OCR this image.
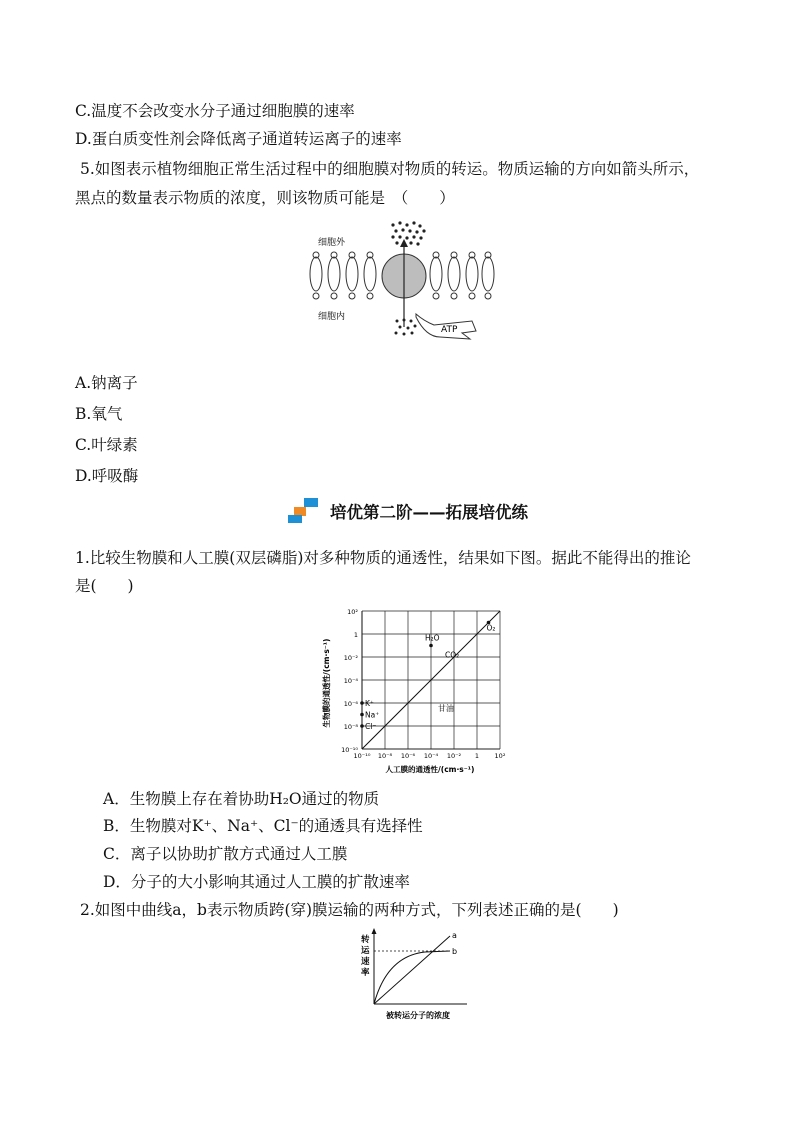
C.温度不会改变水分子通过细胞膜的速率
D.蛋白质变性剂会降低离子通道转运离子的速率
5.如图表示植物细胞正常生活过程中的细胞膜对物质的转运。物质运输的方向如箭头所示，
黑点的数量表示物质的浓度，则该物质可能是　（　　）
细胞外
细胞内
ATP
A.钠离子
B.氧气
C.叶绿素
D.呼吸酶
培优第二阶——拓展培优练
1.比较生物膜和人工膜(双层磷脂)对多种物质的通透性，结果如下图。据此不能得出的推论
是(　　)
10²
1
10⁻²
10⁻⁴
10⁻⁶
10⁻⁸
10⁻¹⁰
10⁻¹⁰ 10⁻⁸ 10⁻⁶ 10⁻⁴ 10⁻² 1 10²
生物膜的通透性/(cm·s⁻¹)
人工膜的通透性/(cm·s⁻¹)
H₂O
CO₂
O₂
K⁺
Na⁺
Cl⁻
甘油
A．生物膜上存在着协助H₂O通过的物质
B．生物膜对K⁺、Na⁺、Cl⁻的通透具有选择性
C．离子以协助扩散方式通过人工膜
D．分子的大小影响其通过人工膜的扩散速率
2.如图中曲线a，b表示物质跨(穿)膜运输的两种方式，下列表述正确的是(　　)
转
运
速
率
a
b
被转运分子的浓度
